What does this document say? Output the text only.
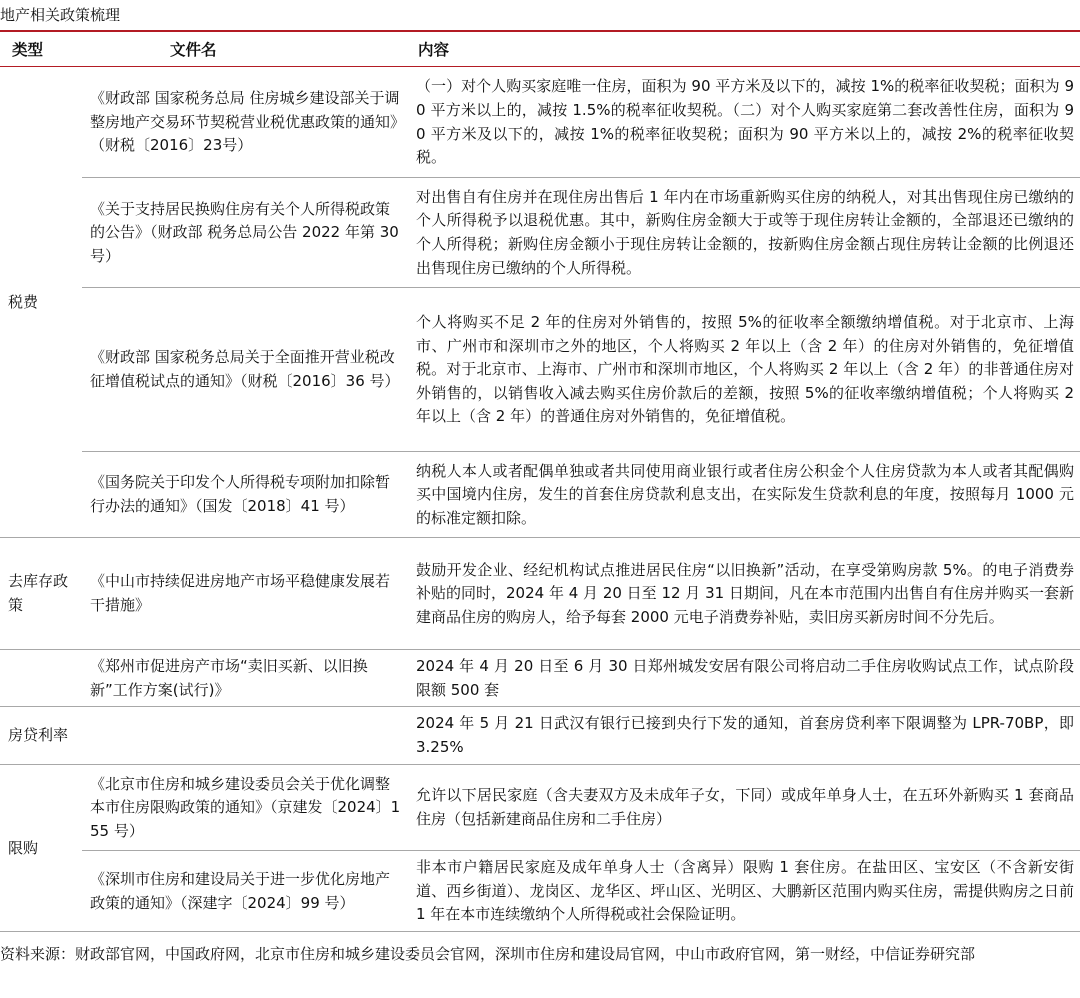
地产相关政策梳理
类型	文件名	内容
税费	《财政部 国家税务总局 住房城乡建设部关于调整房地产交易环节契税营业税优惠政策的通知》（财税〔2016〕23号）	（一）对个人购买家庭唯一住房，面积为 90 平方米及以下的，减按 1%的税率征收契税；面积为 90 平方米以上的，减按 1.5%的税率征收契税。（二）对个人购买家庭第二套改善性住房，面积为 90 平方米及以下的，减按 1%的税率征收契税；面积为 90 平方米以上的，减按 2%的税率征收契税。
	《关于支持居民换购住房有关个人所得税政策的公告》（财政部 税务总局公告 2022 年第 30 号）	对出售自有住房并在现住房出售后 1 年内在市场重新购买住房的纳税人，对其出售现住房已缴纳的个人所得税予以退税优惠。其中，新购住房金额大于或等于现住房转让金额的，全部退还已缴纳的个人所得税；新购住房金额小于现住房转让金额的，按新购住房金额占现住房转让金额的比例退还出售现住房已缴纳的个人所得税。
	《财政部 国家税务总局关于全面推开营业税改征增值税试点的通知》（财税〔2016〕36 号）	个人将购买不足 2 年的住房对外销售的，按照 5%的征收率全额缴纳增值税。对于北京市、上海市、广州市和深圳市之外的地区，个人将购买 2 年以上（含 2 年）的住房对外销售的，免征增值税。对于北京市、上海市、广州市和深圳市地区，个人将购买 2 年以上（含 2 年）的非普通住房对外销售的，以销售收入减去购买住房价款后的差额，按照 5%的征收率缴纳增值税；个人将购买 2 年以上（含 2 年）的普通住房对外销售的，免征增值税。
	《国务院关于印发个人所得税专项附加扣除暂行办法的通知》（国发〔2018〕41 号）	纳税人本人或者配偶单独或者共同使用商业银行或者住房公积金个人住房贷款为本人或者其配偶购买中国境内住房，发生的首套住房贷款利息支出，在实际发生贷款利息的年度，按照每月 1000 元的标准定额扣除。
去库存政策	《中山市持续促进房地产市场平稳健康发展若干措施》	鼓励开发企业、经纪机构试点推进居民住房“以旧换新”活动，在享受第购房款 5%。的电子消费券补贴的同时，2024 年 4 月 20 日至 12 月 31 日期间，凡在本市范围内出售自有住房并购买一套新建商品住房的购房人，给予每套 2000 元电子消费券补贴，卖旧房买新房时间不分先后。
	《郑州市促进房产市场“卖旧买新、以旧换新”工作方案(试行)》	2024 年 4 月 20 日至 6 月 30 日郑州城发安居有限公司将启动二手住房收购试点工作，试点阶段限额 500 套
房贷利率		2024 年 5 月 21 日武汉有银行已接到央行下发的通知，首套房贷利率下限调整为 LPR-70BP，即 3.25%
限购	《北京市住房和城乡建设委员会关于优化调整本市住房限购政策的通知》（京建发〔2024〕155 号）	允许以下居民家庭（含夫妻双方及未成年子女，下同）或成年单身人士，在五环外新购买 1 套商品住房（包括新建商品住房和二手住房）
	《深圳市住房和建设局关于进一步优化房地产政策的通知》（深建字〔2024〕99 号）	非本市户籍居民家庭及成年单身人士（含离异）限购 1 套住房。在盐田区、宝安区（不含新安街道、西乡街道）、龙岗区、龙华区、坪山区、光明区、大鹏新区范围内购买住房，需提供购房之日前 1 年在本市连续缴纳个人所得税或社会保险证明。
资料来源：财政部官网，中国政府网，北京市住房和城乡建设委员会官网，深圳市住房和建设局官网，中山市政府官网，第一财经，中信证券研究部
